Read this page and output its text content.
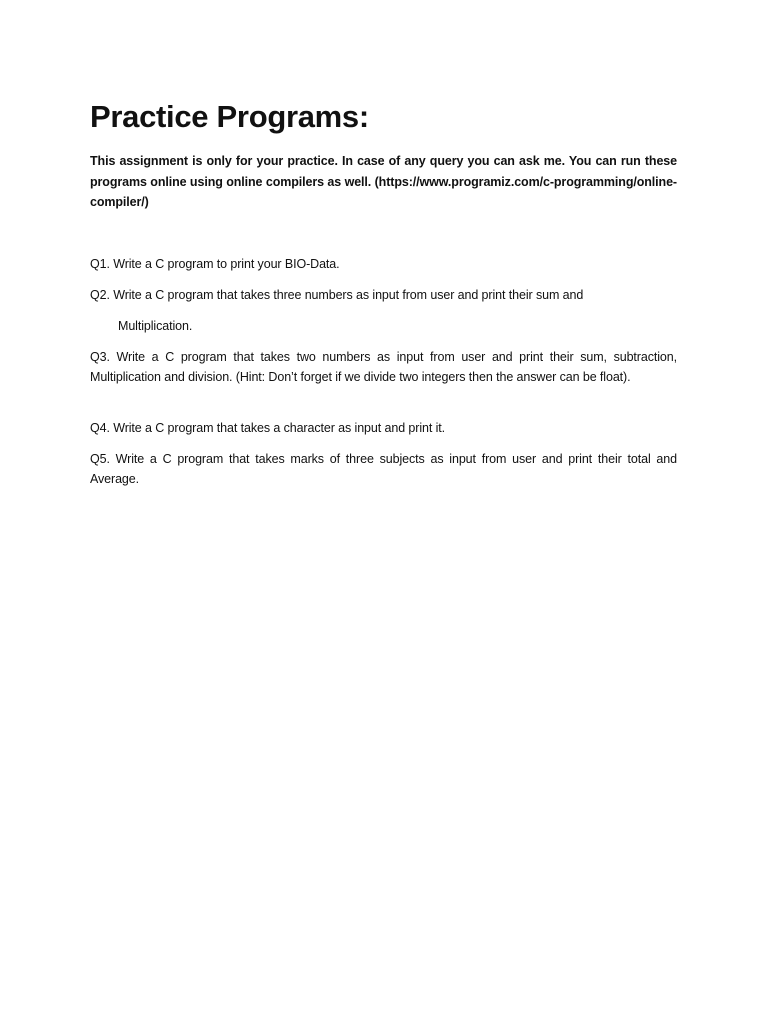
Practice Programs:

This assignment is only for your practice. In case of any query you can ask me. You can run these programs online using online compilers as well. (https://www.programiz.com/c-programming/online-compiler/)

Q1. Write a C program to print your BIO-Data.

Q2. Write a C program that takes three numbers as input from user and print their sum and

Multiplication.

Q3. Write a C program that takes two numbers as input from user and print their sum, subtraction, Multiplication and division. (Hint: Don’t forget if we divide two integers then the answer can be float).

Q4. Write a C program that takes a character as input and print it.

Q5. Write a C program that takes marks of three subjects as input from user and print their total and Average.
